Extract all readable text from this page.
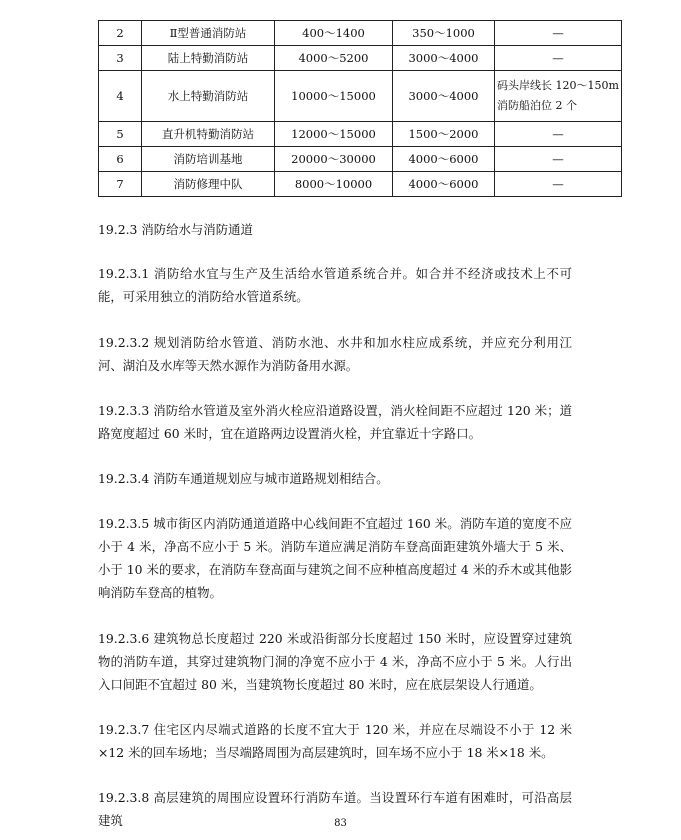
2	Ⅱ型普通消防站	400～1400	350～1000	—
3	陆上特勤消防站	4000～5200	3000～4000	—
4	水上特勤消防站	10000～15000	3000～4000	码头岸线长 120～150m
消防船泊位 2 个

5	直升机特勤消防站	12000～15000	1500～2000	—
6	消防培训基地	20000～30000	4000～6000	—
7	消防修理中队	8000～10000	4000～6000	—

19.2.3 消防给水与消防通道

19.2.3.1 消防给水宜与生产及生活给水管道系统合并。如合并不经济或技术上不可能，可采用独立的消防给水管道系统。

19.2.3.2 规划消防给水管道、消防水池、水井和加水柱应成系统，并应充分利用江河、湖泊及水库等天然水源作为消防备用水源。

19.2.3.3 消防给水管道及室外消火栓应沿道路设置，消火栓间距不应超过 120 米；道路宽度超过 60 米时，宜在道路两边设置消火栓，并宜靠近十字路口。

19.2.3.4 消防车通道规划应与城市道路规划相结合。

19.2.3.5 城市街区内消防通道道路中心线间距不宜超过 160 米。消防车道的宽度不应小于 4 米，净高不应小于 5 米。消防车道应满足消防车登高面距建筑外墙大于 5 米、小于 10 米的要求，在消防车登高面与建筑之间不应种植高度超过 4 米的乔木或其他影响消防车登高的植物。

19.2.3.6 建筑物总长度超过 220 米或沿街部分长度超过 150 米时，应设置穿过建筑物的消防车道，其穿过建筑物门洞的净宽不应小于 4 米，净高不应小于 5 米。人行出入口间距不宜超过 80 米，当建筑物长度超过 80 米时，应在底层架设人行通道。

19.2.3.7 住宅区内尽端式道路的长度不宜大于 120 米，并应在尽端设不小于 12 米×12 米的回车场地；当尽端路周围为高层建筑时，回车场不应小于 18 米×18 米。

19.2.3.8 高层建筑的周围应设置环行消防车道。当设置环行车道有困难时，可沿高层建筑	83
